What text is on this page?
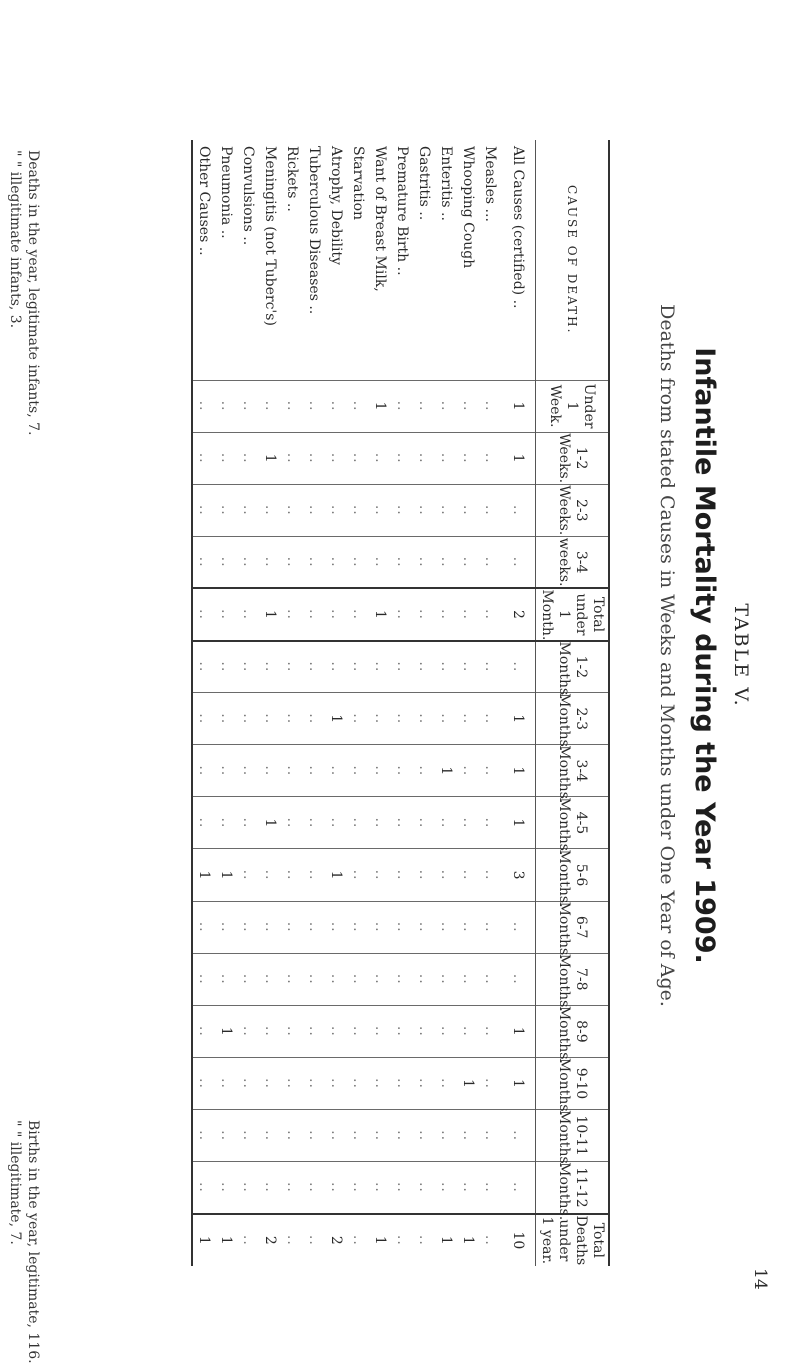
14
TABLE V.
Infantile Mortality during the Year 1909.
Deaths from stated Causes in Weeks and Months under One Year of Age.
CAUSE OF DEATH.	Under 1 Week.	1-2 Weeks.	2-3 Weeks.	3-4 weeks.	Total under 1 Month.	1-2 Months.	2-3 Months.	3-4 Months.	4-5 Months.	5-6 Months.	6-7 Months.	7-8 Months.	8-9 Months.	9-10 Months.	10-11 Months.	11-12 Months.	Total Deaths under 1 year.
All Causes (certified) ..	1	1	..	..	2	..	1	1	1	3	..	..	1	1	..	..	10
Measles ...	..	..	..	..	..	..	..	..	..	..	..	..	..	..	..	..	..
Whooping Cough	..	..	..	..	..	..	..	..	..	..	..	..	..	1	..	..	1
Enteritis ..	..	..	..	..	..	..	..	1	..	..	..	..	..	..	..	..	1
Gastritis ..	..	..	..	..	..	..	..	..	..	..	..	..	..	..	..	..	..
Premature Birth ..	..	..	..	..	..	..	..	..	..	..	..	..	..	..	..	..	..
Want of Breast Milk,	1	..	..	..	1	..	..	..	..	..	..	..	..	..	..	..	1
Starvation	..	..	..	..	..	..	..	..	..	..	..	..	..	..	..	..	..
Atrophy, Debility	..	..	..	..	..	..	1	..	..	1	..	..	..	..	..	..	2
Tuberculous Diseases ..	..	..	..	..	..	..	..	..	..	..	..	..	..	..	..	..	..
Rickets ..	..	..	..	..	..	..	..	..	..	..	..	..	..	..	..	..	..
Meningitis (not Tuberc's)	..	1	..	..	1	..	..	..	1	..	..	..	..	..	..	..	2
Convulsions ..	..	..	..	..	..	..	..	..	..	..	..	..	..	..	..	..	..
Pneumonia ..	..	..	..	..	..	..	..	..	..	1	..	..	1	..	..	..	1
Other Causes ..	..	..	..	..	..	..	..	..	..	1	..	..	..	..	..	..	1
Births in the year, legitimate, 116.
" " illegitimate, 7.
Deaths in the year, legitimate infants, 7.
" " illegitimate infants, 3.
